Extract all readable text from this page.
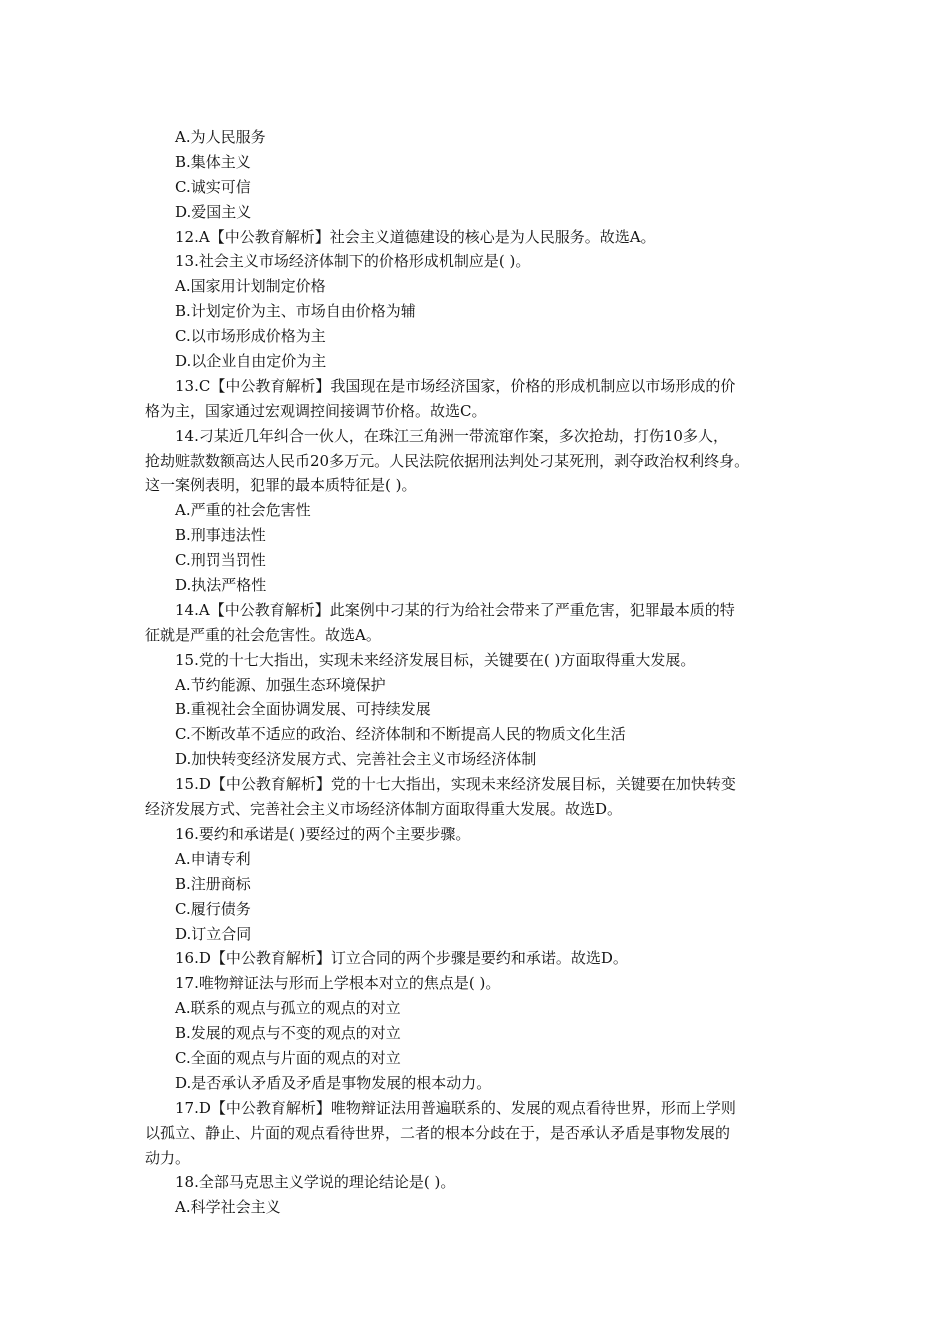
A.为人民服务
B.集体主义
C.诚实可信
D.爱国主义
12.A【中公教育解析】社会主义道德建设的核心是为人民服务。故选A。
13.社会主义市场经济体制下的价格形成机制应是( )。
A.国家用计划制定价格
B.计划定价为主、市场自由价格为辅
C.以市场形成价格为主
D.以企业自由定价为主
13.C【中公教育解析】我国现在是市场经济国家，价格的形成机制应以市场形成的价
格为主，国家通过宏观调控间接调节价格。故选C。
14.刁某近几年纠合一伙人，在珠江三角洲一带流窜作案，多次抢劫，打伤10多人，
抢劫赃款数额高达人民币20多万元。人民法院依据刑法判处刁某死刑，剥夺政治权利终身。
这一案例表明，犯罪的最本质特征是( )。
A.严重的社会危害性
B.刑事违法性
C.刑罚当罚性
D.执法严格性
14.A【中公教育解析】此案例中刁某的行为给社会带来了严重危害，犯罪最本质的特
征就是严重的社会危害性。故选A。
15.党的十七大指出，实现未来经济发展目标，关键要在( )方面取得重大发展。
A.节约能源、加强生态环境保护
B.重视社会全面协调发展、可持续发展
C.不断改革不适应的政治、经济体制和不断提高人民的物质文化生活
D.加快转变经济发展方式、完善社会主义市场经济体制
15.D【中公教育解析】党的十七大指出，实现未来经济发展目标，关键要在加快转变
经济发展方式、完善社会主义市场经济体制方面取得重大发展。故选D。
16.要约和承诺是( )要经过的两个主要步骤。
A.申请专利
B.注册商标
C.履行债务
D.订立合同
16.D【中公教育解析】订立合同的两个步骤是要约和承诺。故选D。
17.唯物辩证法与形而上学根本对立的焦点是( )。
A.联系的观点与孤立的观点的对立
B.发展的观点与不变的观点的对立
C.全面的观点与片面的观点的对立
D.是否承认矛盾及矛盾是事物发展的根本动力。
17.D【中公教育解析】唯物辩证法用普遍联系的、发展的观点看待世界，形而上学则
以孤立、静止、片面的观点看待世界，二者的根本分歧在于，是否承认矛盾是事物发展的
动力。
18.全部马克思主义学说的理论结论是( )。
A.科学社会主义
